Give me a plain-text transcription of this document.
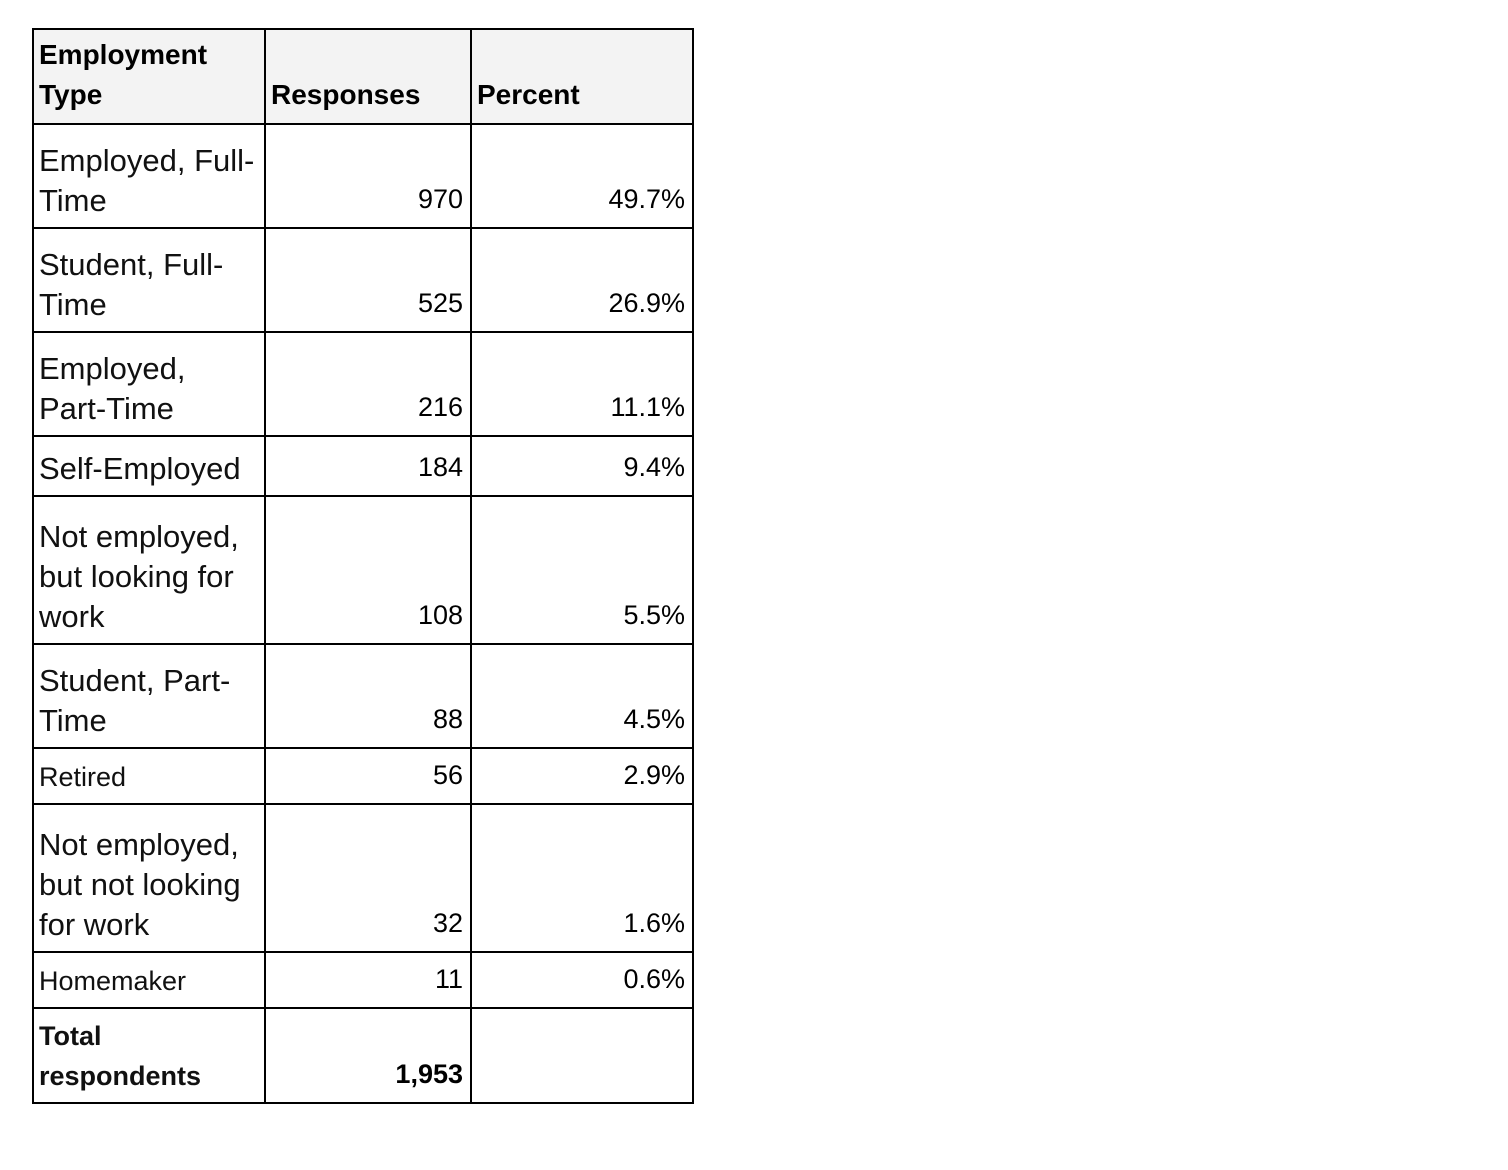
Employment Type	Responses	Percent
Employed, Full-Time	970	49.7%
Student, Full-Time	525	26.9%
Employed, Part-Time	216	11.1%
Self-Employed	184	9.4%
Not employed, but looking for work	108	5.5%
Student, Part-Time	88	4.5%
Retired	56	2.9%
Not employed, but not looking for work	32	1.6%
Homemaker	11	0.6%
Total respondents	1,953	
